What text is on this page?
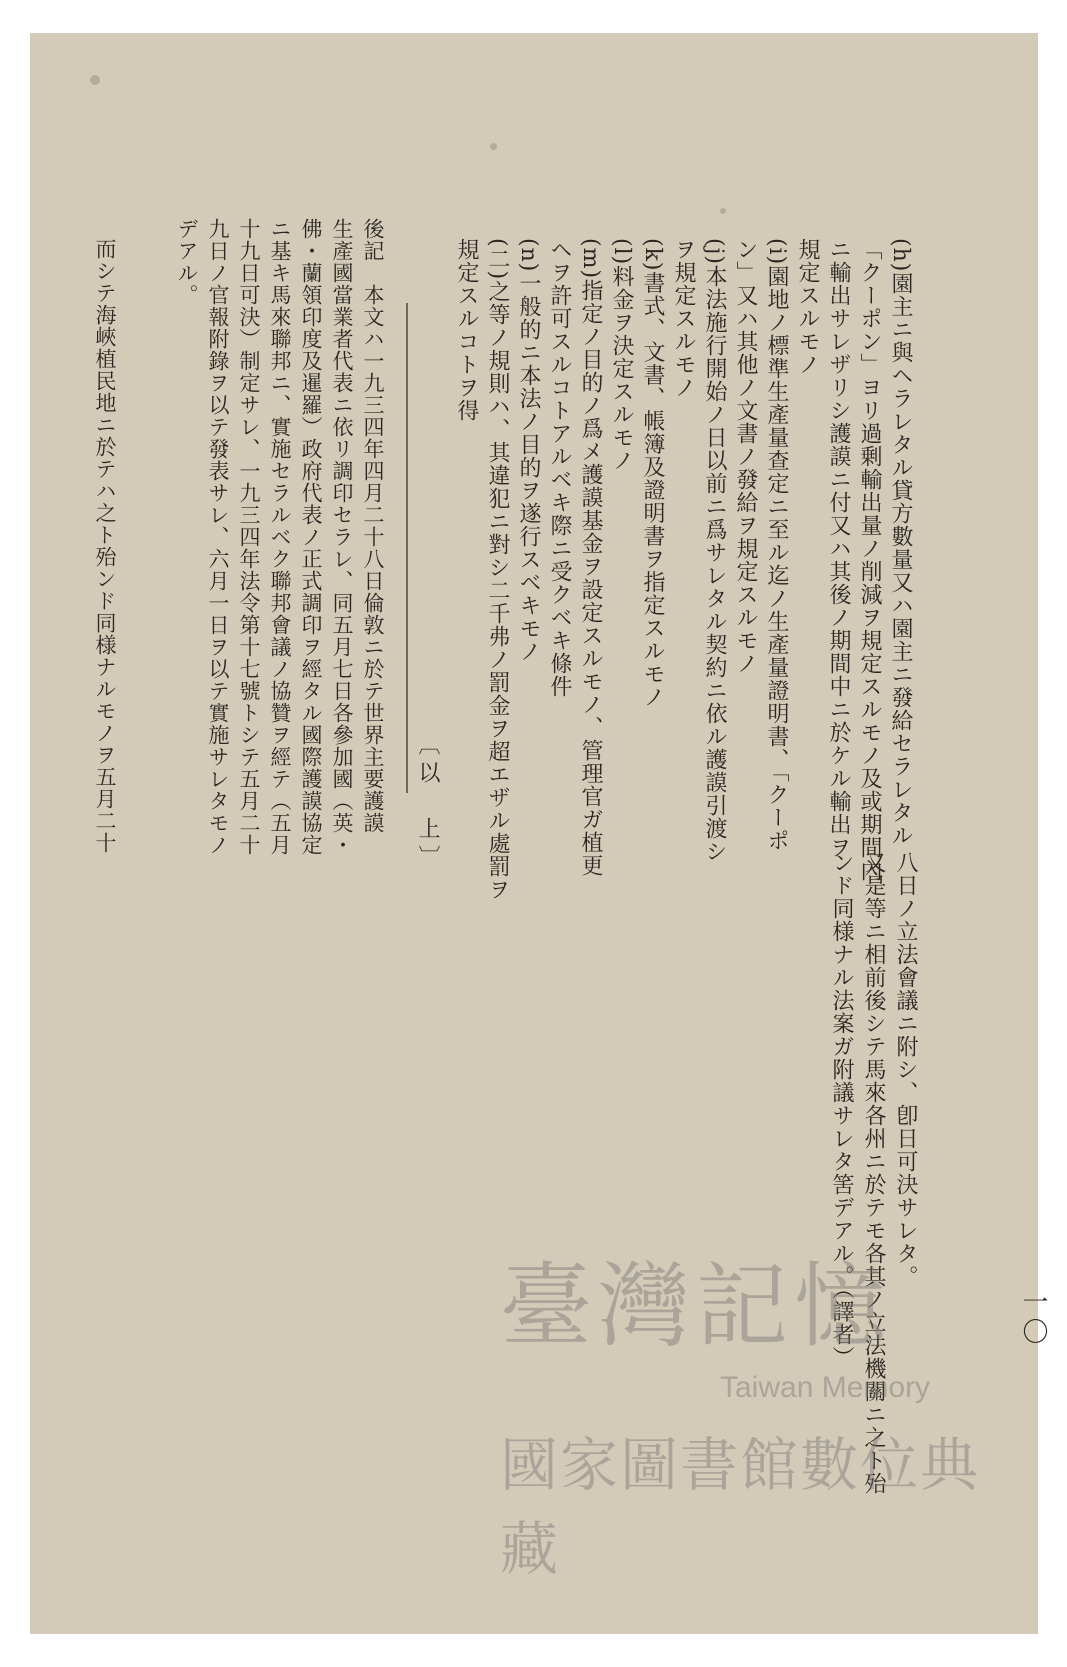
一〇
八日ノ立法會議ニ附シ、卽日可決サレタ。
又是等ニ相前後シテ馬來各州ニ於テモ各其ノ立法機關ニ之ト殆
ンド同様ナル法案ガ附議サレタ筈デアル。（譯者）
(h)園主ニ與ヘラレタル貸方數量又ハ園主ニ發給セラレタル
「クーポン」ヨリ過剰輸出量ノ削減ヲ規定スルモノ及或期間內
ニ輸出サレザリシ護謨ニ付又ハ其後ノ期間中ニ於ケル輸出ヲ
規定スルモノ
(i)園地ノ標準生產量查定ニ至ル迄ノ生產量證明書、「クーポ
ン」又ハ其他ノ文書ノ發給ヲ規定スルモノ
(j)本法施行開始ノ日以前ニ爲サレタル契約ニ依ル護謨引渡シ
ヲ規定スルモノ
(k)書式、文書、帳簿及證明書ヲ指定スルモノ
(l)料金ヲ決定スルモノ
(m)指定ノ目的ノ爲メ護謨基金ヲ設定スルモノ、管理官ガ植更
ヘヲ許可スルコトアルベキ際ニ受クベキ條件
(n)一般的ニ本法ノ目的ヲ遂行スベキモノ
(二)之等ノ規則ハ、其違犯ニ對シ二千弗ノ罰金ヲ超エザル處罰ヲ
規定スルコトヲ得
〔以　上〕
後記　本文ハ一九三四年四月二十八日倫敦ニ於テ世界主要護謨
生產國當業者代表ニ依リ調印セラレ、同五月七日各參加國（英・
佛・蘭領印度及暹羅）政府代表ノ正式調印ヲ經タル國際護謨協定
ニ基キ馬來聯邦ニ、實施セラルベク聯邦會議ノ協贊ヲ經テ（五月
十九日可決）制定サレ、一九三四年法令第十七號トシテ五月二十
九日ノ官報附錄ヲ以テ發表サレ、六月一日ヲ以テ實施サレタモノ
デアル。
而シテ海峽植民地ニ於テハ之ト殆ンド同様ナルモノヲ五月二十
臺灣記憶
Taiwan Memory
國家圖書館數位典藏
